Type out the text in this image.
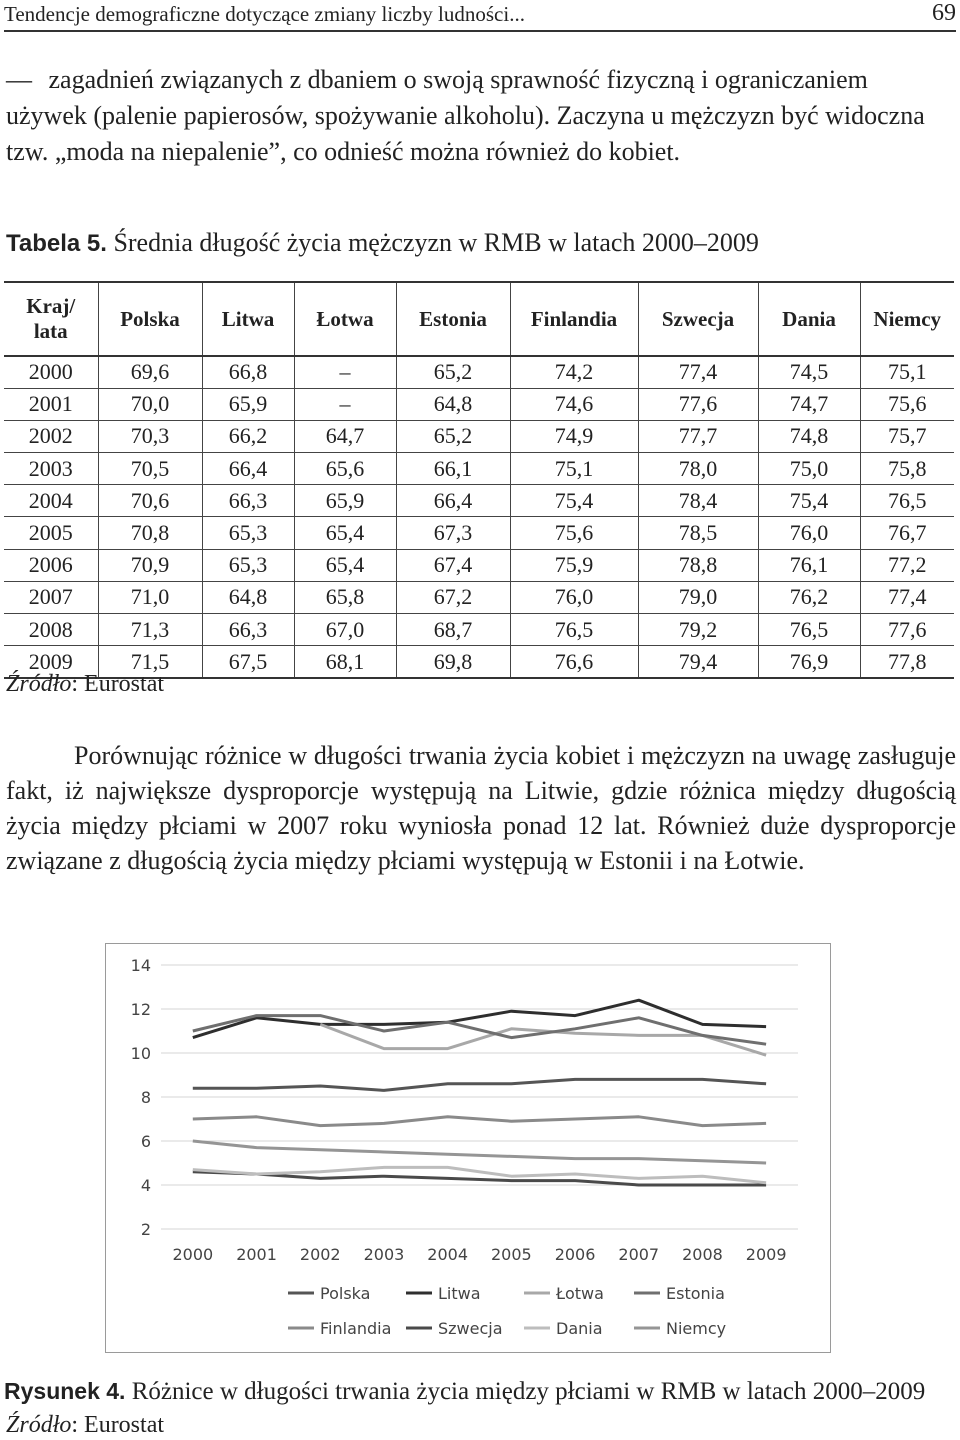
Tendencje demograficzne dotyczące zmiany liczby ludności...	69
— zagadnień związanych z dbaniem o swoją sprawność fizyczną i ograniczaniem używek (palenie papierosów, spożywanie alkoholu). Zaczyna u mężczyzn być widoczna tzw. „moda na niepalenie”, co odnieść można również do kobiet.
Tabela 5. Średnia długość życia mężczyzn w RMB w latach 2000–2009
Kraj/
lata	Polska	Litwa	Łotwa	Estonia	Finlandia	Szwecja	Dania	Niemcy
2000	69,6	66,8	–	65,2	74,2	77,4	74,5	75,1
2001	70,0	65,9	–	64,8	74,6	77,6	74,7	75,6
2002	70,3	66,2	64,7	65,2	74,9	77,7	74,8	75,7
2003	70,5	66,4	65,6	66,1	75,1	78,0	75,0	75,8
2004	70,6	66,3	65,9	66,4	75,4	78,4	75,4	76,5
2005	70,8	65,3	65,4	67,3	75,6	78,5	76,0	76,7
2006	70,9	65,3	65,4	67,4	75,9	78,8	76,1	77,2
2007	71,0	64,8	65,8	67,2	76,0	79,0	76,2	77,4
2008	71,3	66,3	67,0	68,7	76,5	79,2	76,5	77,6
2009	71,5	67,5	68,1	69,8	76,6	79,4	76,9	77,8
Źródło: Eurostat
Porównując różnice w długości trwania życia kobiet i mężczyzn na uwagę zasługuje fakt, iż największe dysproporcje występują na Litwie, gdzie różnica między długością życia między płciami w 2007 roku wyniosła ponad 12 lat. Również duże dysproporcje związane z długością życia między płciami występują w Estonii i na Łotwie.
2
4
6
8
10
12
14
2000 2001 2002 2003 2004 2005 2006 2007 2008 2009
Polska	Litwa	Łotwa	Estonia
Finlandia	Szwecja	Dania	Niemcy
Rysunek 4. Różnice w długości trwania życia między płciami w RMB w latach 2000–2009
Źródło: Eurostat
